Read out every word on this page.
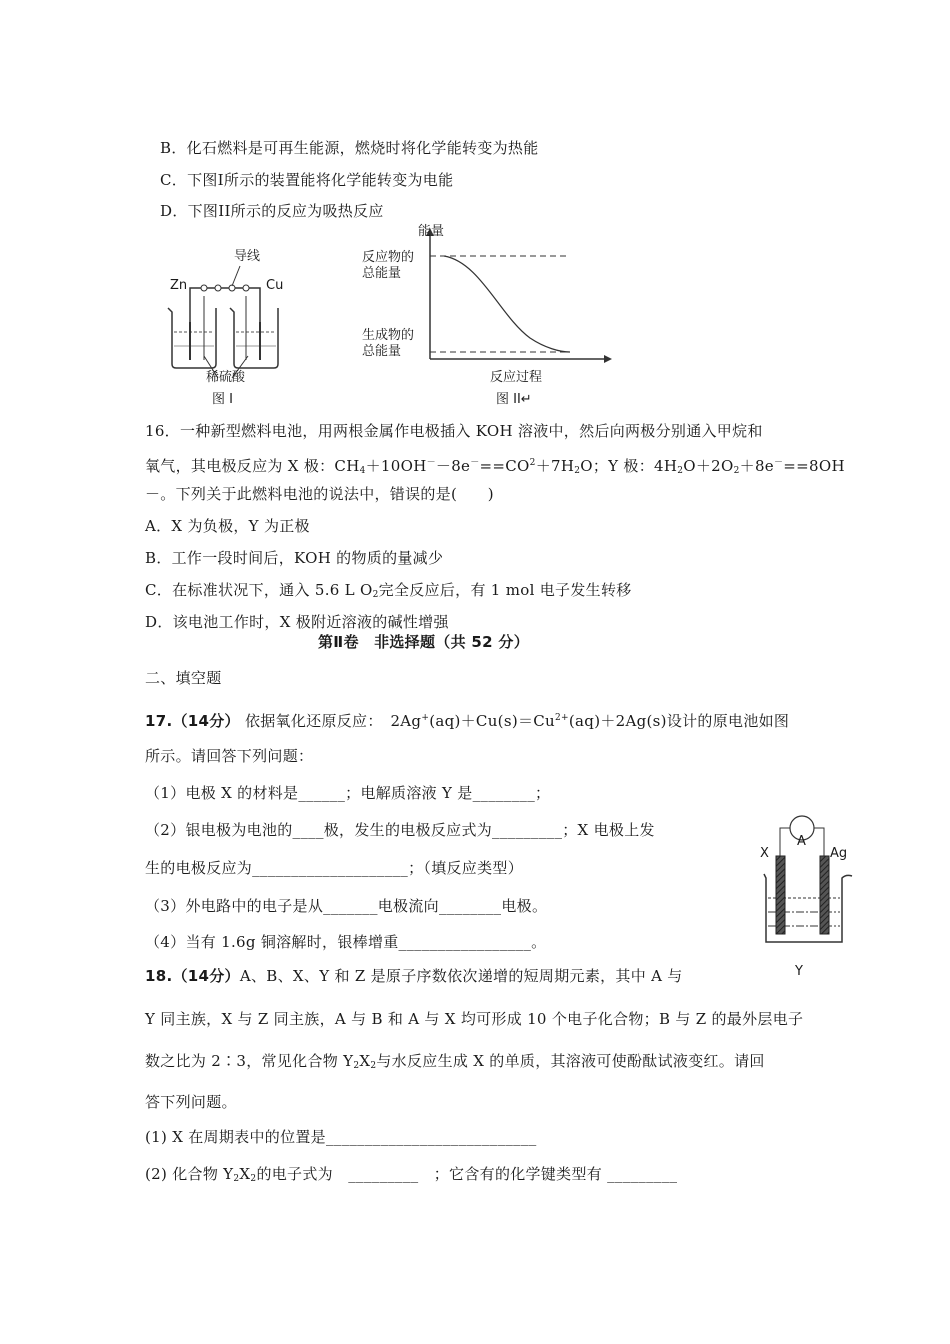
B．化石燃料是可再生能源，燃烧时将化学能转变为热能
C．下图I所示的装置能将化学能转变为电能
D．下图II所示的反应为吸热反应
导线
Zn	Cu
稀硫酸
图 I
能量
反应物的
总能量
生成物的
总能量
反应过程
图 II↵
16．一种新型燃料电池，用两根金属作电极插入 KOH 溶液中，然后向两极分别通入甲烷和
氧气，其电极反应为 X 极：$CH_4+10OH^--8e^-==CO^2+7H_2O$；Y 极：$4H_2O+2O_2+8e^-==8OH$
－。下列关于此燃料电池的说法中，错误的是(　　)
A．X 为负极，Y 为正极
B．工作一段时间后，KOH 的物质的量减少
C．在标准状况下，通入 5.6 L $O_2$完全反应后，有 1 mol 电子发生转移
D．该电池工作时，X 极附近溶液的碱性增强
第Ⅱ卷　非选择题（共 52 分）
二、填空题
17.（14分） 依据氧化还原反应：　 $2Ag^+(aq)+Cu(s)=Cu^{2+}(aq)+2Ag(s)$设计的原电池如图
所示。请回答下列问题：
（1）电极 X 的材料是______；电解质溶液 Y 是________；
（2）银电极为电池的____极，发生的电极反应式为_________；X 电极上发
生的电极反应为____________________；（填反应类型）
（3）外电路中的电子是从_______电极流向________电极。
（4）当有 1.6g 铜溶解时，银棒增重_________________。
X
A
Ag
Y
18.（14分）A、B、X、Y 和 Z 是原子序数依次递增的短周期元素，其中 A 与
Y 同主族，X 与 Z 同主族，A 与 B 和 A 与 X 均可形成 10 个电子化合物；B 与 Z 的最外层电子
数之比为 2∶3，常见化合物 $Y_2X_2$与水反应生成 X 的单质，其溶液可使酚酞试液变红。请回
答下列问题。
(1) X 在周期表中的位置是___________________________
(2) 化合物 $Y_2X_2$的电子式为　_________　；它含有的化学键类型有 _________
